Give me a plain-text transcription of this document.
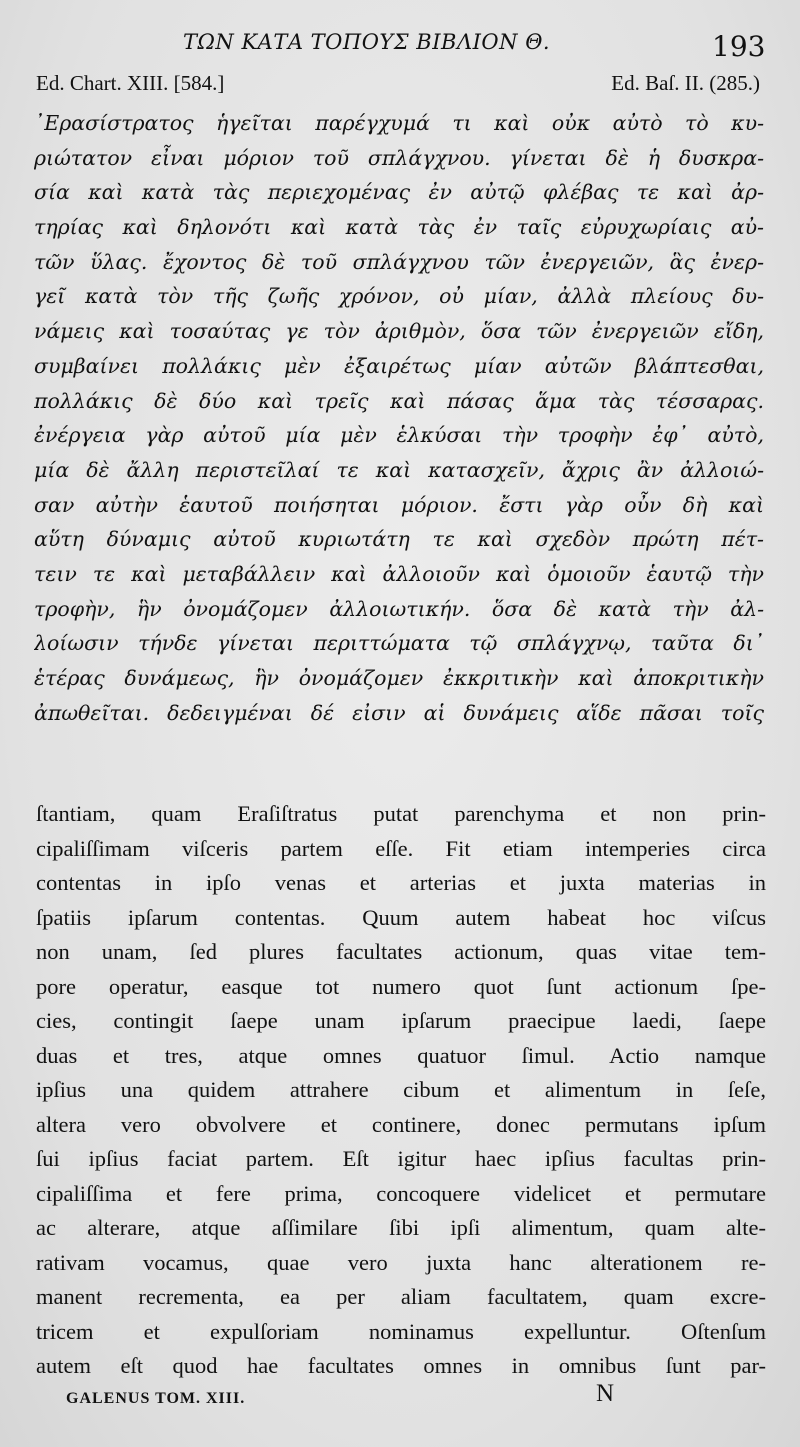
ΤΩΝ ΚΑΤΑ ΤΟΠΟΥΣ ΒΙΒΛΙΟΝ Θ.	193
Ed. Chart. XIII. [584.]	Ed. Baſ. II. (285.)
᾿Ερασίστρατος ἡγεῖται παρέγχυμά τι καὶ οὐκ αὐτὸ τὸ κυ-
ριώτατον εἶναι μόριον τοῦ σπλάγχνου. γίνεται δὲ ἡ δυσκρα-
σία καὶ κατὰ τὰς περιεχομένας ἐν αὐτῷ φλέβας τε καὶ ἀρ-
τηρίας καὶ δηλονότι καὶ κατὰ τὰς ἐν ταῖς εὐρυχωρίαις αὐ-
τῶν ὕλας. ἔχοντος δὲ τοῦ σπλάγχνου τῶν ἐνεργειῶν, ἃς ἐνερ-
γεῖ κατὰ τὸν τῆς ζωῆς χρόνον, οὐ μίαν, ἀλλὰ πλείους δυ-
νάμεις καὶ τοσαύτας γε τὸν ἀριθμὸν, ὅσα τῶν ἐνεργειῶν εἴδη,
συμβαίνει πολλάκις μὲν ἐξαιρέτως μίαν αὐτῶν βλάπτεσθαι,
πολλάκις δὲ δύο καὶ τρεῖς καὶ πάσας ἅμα τὰς τέσσαρας.
ἐνέργεια γὰρ αὐτοῦ μία μὲν ἑλκύσαι τὴν τροφὴν ἐφ᾿ αὐτὸ,
μία δὲ ἄλλη περιστεῖλαί τε καὶ κατασχεῖν, ἄχρις ἂν ἀλλοιώ-
σαν αὐτὴν ἑαυτοῦ ποιήσηται μόριον. ἔστι γὰρ οὖν δὴ καὶ
αὕτη δύναμις αὐτοῦ κυριωτάτη τε καὶ σχεδὸν πρώτη πέτ-
τειν τε καὶ μεταβάλλειν καὶ ἀλλοιοῦν καὶ ὁμοιοῦν ἑαυτῷ τὴν
τροφὴν, ἣν ὀνομάζομεν ἀλλοιωτικήν. ὅσα δὲ κατὰ τὴν ἀλ-
λοίωσιν τήνδε γίνεται περιττώματα τῷ σπλάγχνῳ, ταῦτα δι᾿
ἑτέρας δυνάμεως, ἣν ὀνομάζομεν ἐκκριτικὴν καὶ ἀποκριτικὴν
ἀπωθεῖται. δεδειγμέναι δέ εἰσιν αἱ δυνάμεις αἵδε πᾶσαι τοῖς
ſtantiam, quam Eraſiſtratus putat parenchyma et non prin-
cipaliſſimam viſceris partem eſſe. Fit etiam intemperies circa
contentas in ipſo venas et arterias et juxta materias in
ſpatiis ipſarum contentas. Quum autem habeat hoc viſcus
non unam, ſed plures facultates actionum, quas vitae tem-
pore operatur, easque tot numero quot ſunt actionum ſpe-
cies, contingit ſaepe unam ipſarum praecipue laedi, ſaepe
duas et tres, atque omnes quatuor ſimul. Actio namque
ipſius una quidem attrahere cibum et alimentum in ſeſe,
altera vero obvolvere et continere, donec permutans ipſum
ſui ipſius faciat partem. Eſt igitur haec ipſius facultas prin-
cipaliſſima et fere prima, concoquere videlicet et permutare
ac alterare, atque aſſimilare ſibi ipſi alimentum, quam alte-
rativam vocamus, quae vero juxta hanc alterationem re-
manent recrementa, ea per aliam facultatem, quam excre-
tricem et expulſoriam nominamus expelluntur. Oſtenſum
autem eſt quod hae facultates omnes in omnibus ſunt par-
GALENUS TOM. XIII.	N
